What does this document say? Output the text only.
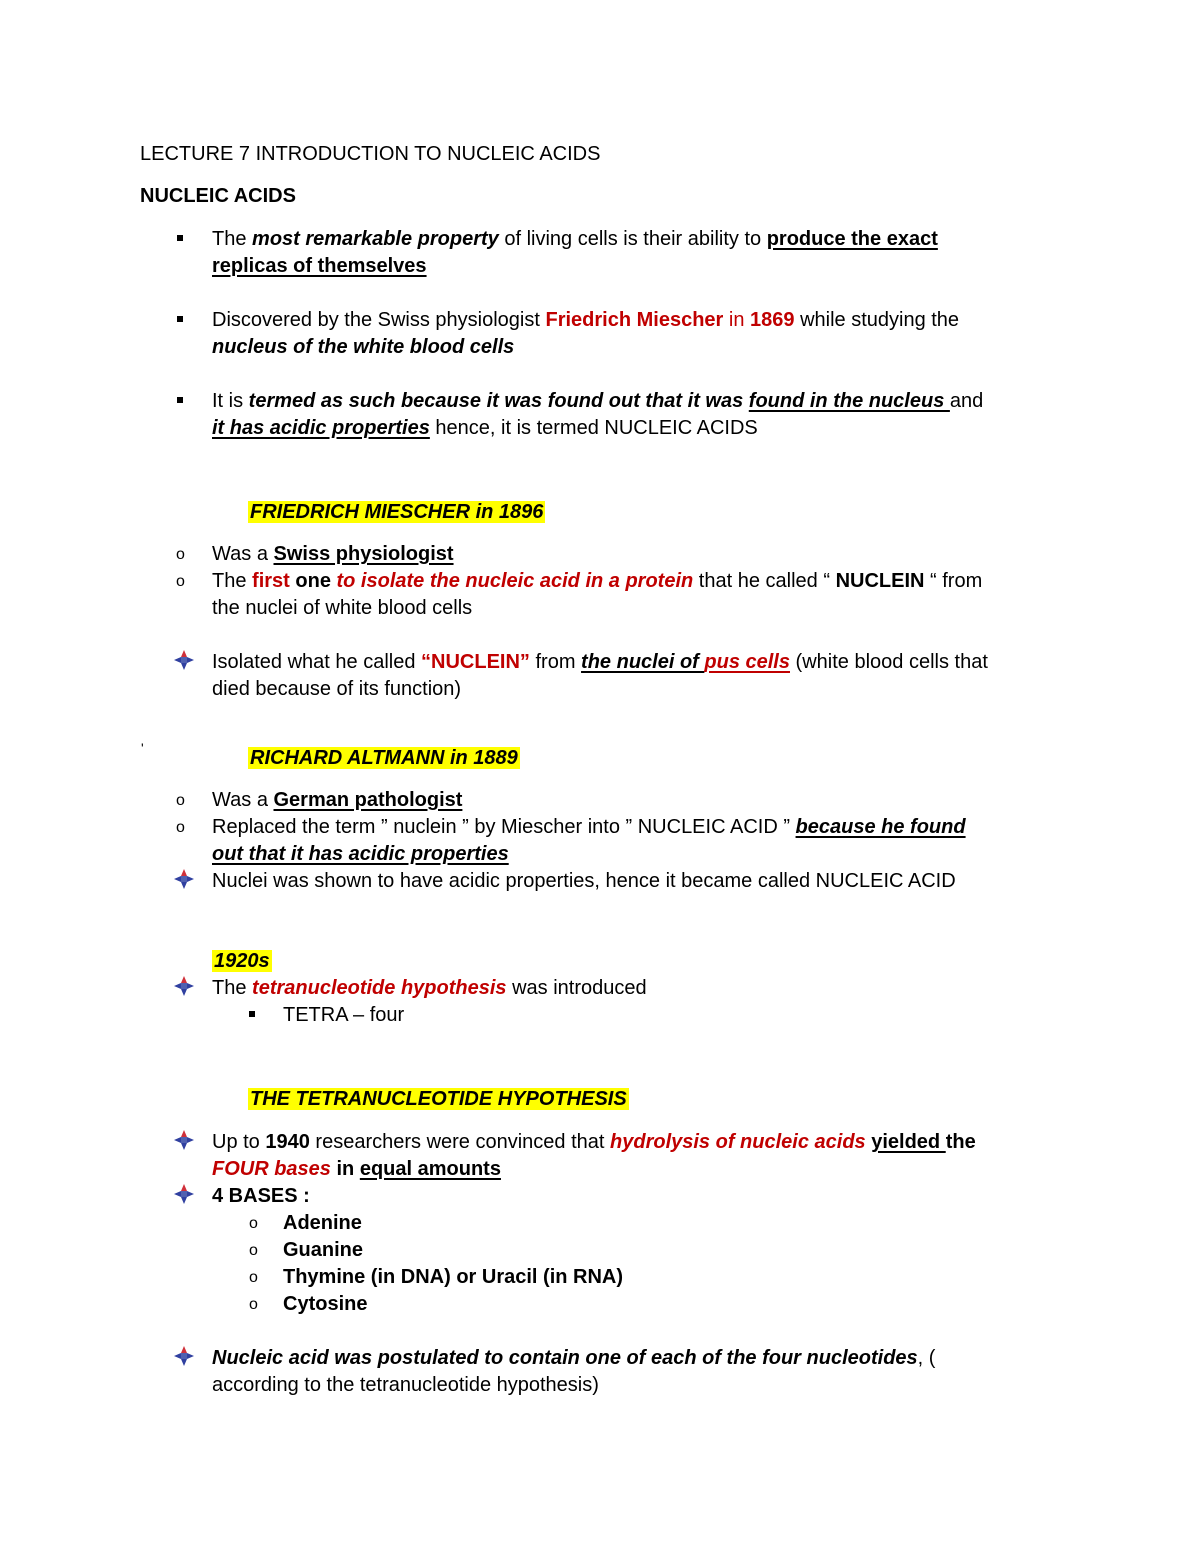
LECTURE 7 INTRODUCTION TO NUCLEIC ACIDS
NUCLEIC ACIDS
The most remarkable property of living cells is their ability to produce the exact
replicas of themselves
Discovered by the Swiss physiologist Friedrich Miescher in 1869 while studying the
nucleus of the white blood cells
It is termed as such because it was found out that it was found in the nucleus and
it has acidic properties hence, it is termed NUCLEIC ACIDS
FRIEDRICH MIESCHER in 1896
o Was a Swiss physiologist
o The first one to isolate the nucleic acid in a protein that he called “ NUCLEIN “ from
the nuclei of white blood cells
Isolated what he called “NUCLEIN” from the nuclei of pus cells (white blood cells that
died because of its function)
'	RICHARD ALTMANN in 1889
o Was a German pathologist
o Replaced the term ” nuclein ” by Miescher into ” NUCLEIC ACID ” because he found
out that it has acidic properties
Nuclei was shown to have acidic properties, hence it became called NUCLEIC ACID
1920s
The tetranucleotide hypothesis was introduced
TETRA – four
THE TETRANUCLEOTIDE HYPOTHESIS
Up to 1940 researchers were convinced that hydrolysis of nucleic acids yielded the
FOUR bases in equal amounts
4 BASES :
o Adenine
o Guanine
o Thymine (in DNA) or Uracil (in RNA)
o Cytosine
Nucleic acid was postulated to contain one of each of the four nucleotides, (
according to the tetranucleotide hypothesis)
